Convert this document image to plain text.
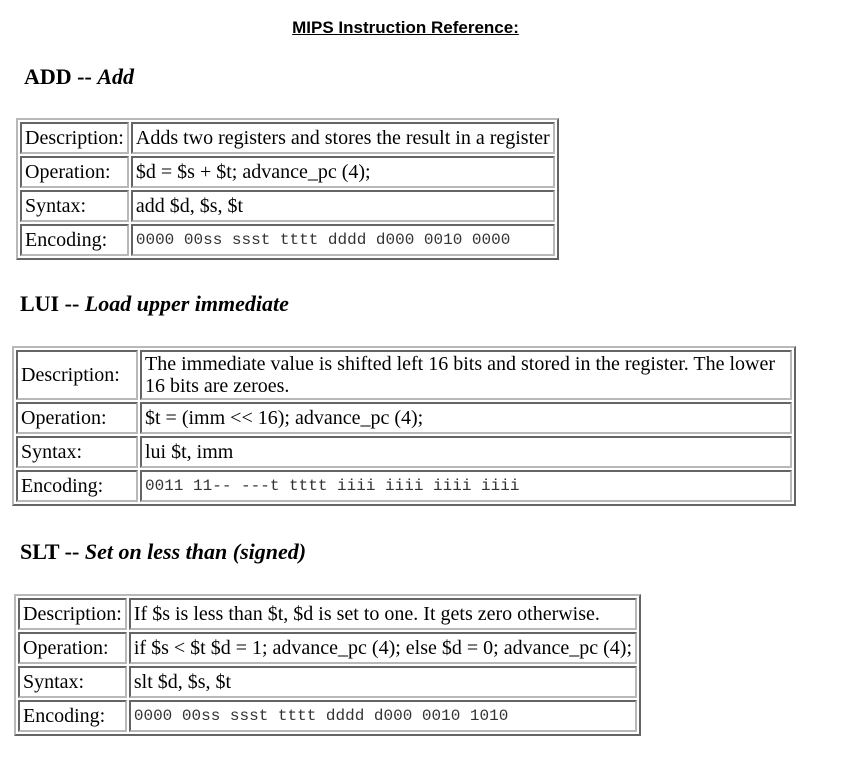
MIPS Instruction Reference:
ADD -- Add
Description:	Adds two registers and stores the result in a register
Operation:	$d = $s + $t; advance_pc (4);
Syntax:	add $d, $s, $t
Encoding:	0000 00ss ssst tttt dddd d000 0010 0000
LUI -- Load upper immediate
Description:	The immediate value is shifted left 16 bits and stored in the register. The lower 16 bits are zeroes.
Operation:	$t = (imm << 16); advance_pc (4);
Syntax:	lui $t, imm
Encoding:	0011 11-- ---t tttt iiii iiii iiii iiii
SLT -- Set on less than (signed)
Description:	If $s is less than $t, $d is set to one. It gets zero otherwise.
Operation:	if $s < $t $d = 1; advance_pc (4); else $d = 0; advance_pc (4);
Syntax:	slt $d, $s, $t
Encoding:	0000 00ss ssst tttt dddd d000 0010 1010
